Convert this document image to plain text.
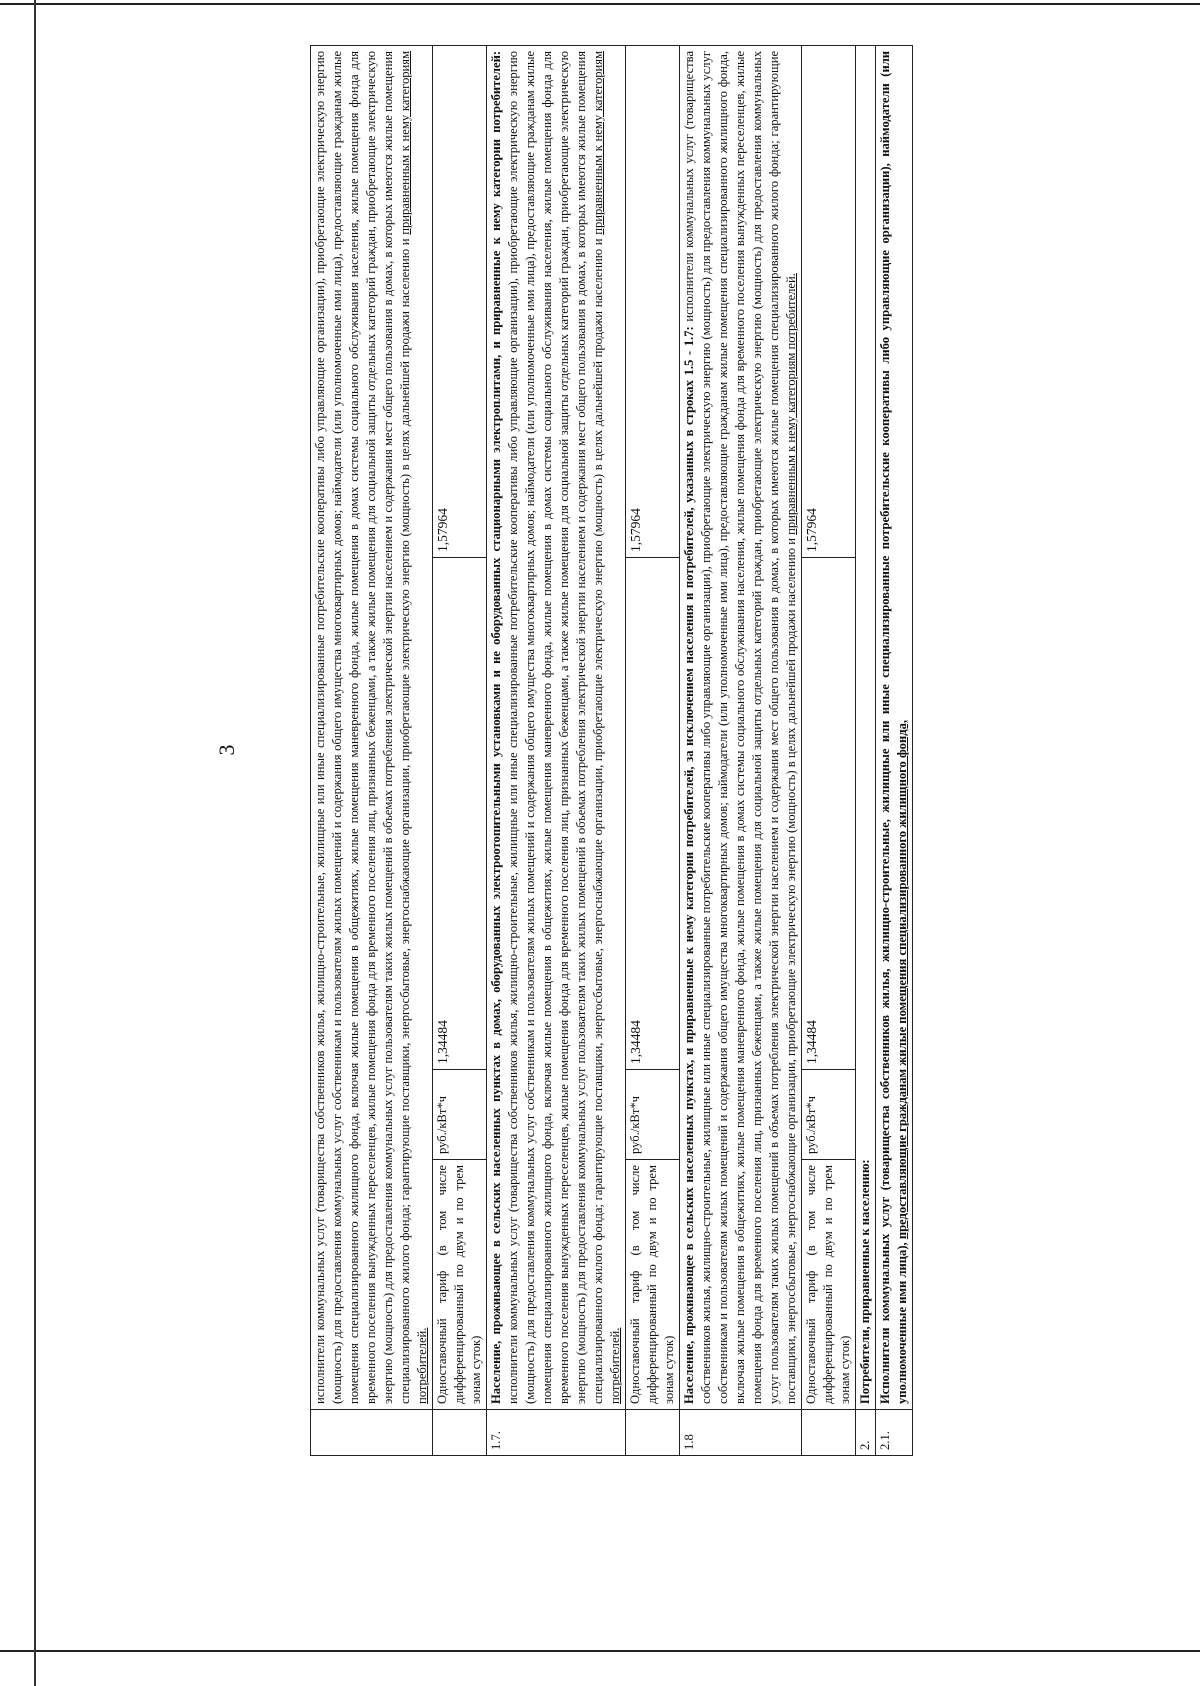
3
		исполнители коммунальных услуг (товарищества собственников жилья, жилищно-строительные, жилищные или иные специализированные потребительские кооперативы либо управляющие организации), приобретающие электрическую энергию (мощность) для предоставления коммунальных услуг собственникам и пользователям жилых помещений и содержания общего имущества многоквартирных домов; наймодатели (или уполномоченные ими лица), предоставляющие гражданам жилые помещения специализированного жилищного фонда, включая жилые помещения в общежитиях, жилые помещения маневренного фонда, жилые помещения в домах системы социального обслуживания населения, жилые помещения фонда для временного поселения вынужденных переселенцев, жилые помещения фонда для временного поселения лиц, признанных беженцами, а также жилые помещения для социальной защиты отдельных категорий граждан, приобретающие электрическую энергию (мощность) для предоставления коммунальных услуг пользователям таких жилых помещений в объемах потребления электрической энергии населением и содержания мест общего пользования в домах, в которых имеются жилые помещения специализированного жилого фонда; гарантирующие поставщики, энергосбытовые, энергоснабжающие организации, приобретающие электрическую энергию (мощность) в целях дальнейшей продажи населению и приравненным к нему категориям потребителей.			
	Одноставочный тариф (в том числе дифференцированный по двум и по трем зонам суток)	руб./кВт*ч	1,34484	1,57964
1.7.	Население, проживающее в сельских населенных пунктах в домах, оборудованных электроотопительными установками и не оборудованных стационарными электроплитами, и приравненные к нему категории потребителей: исполнители коммунальных услуг (товарищества собственников жилья, жилищно-строительные, жилищные или иные специализированные потребительские кооперативы либо управляющие организации), приобретающие электрическую энергию (мощность) для предоставления коммунальных услуг собственникам и пользователям жилых помещений и содержания общего имущества многоквартирных домов; наймодатели (или уполномоченные ими лица), предоставляющие гражданам жилые помещения специализированного жилищного фонда, включая жилые помещения в общежитиях, жилые помещения маневренного фонда, жилые помещения в домах системы социального обслуживания населения, жилые помещения фонда для временного поселения вынужденных переселенцев, жилые помещения фонда для временного поселения лиц, признанных беженцами, а также жилые помещения для социальной защиты отдельных категорий граждан, приобретающие электрическую энергию (мощность) для предоставления коммунальных услуг пользователям таких жилых помещений в объемах потребления электрической энергии населением и содержания мест общего пользования в домах, в которых имеются жилые помещения специализированного жилого фонда; гарантирующие поставщики, энергосбытовые, энергоснабжающие организации, приобретающие электрическую энергию (мощность) в целях дальнейшей продажи населению и приравненным к нему категориям потребителей.			
	Одноставочный тариф (в том числе дифференцированный по двум и по трем зонам суток)	руб./кВт*ч	1,34484	1,57964
1.8	Население, проживающее в сельских населенных пунктах, и приравненные к нему категории потребителей, за исключением населения и потребителей, указанных в строках 1.5 - 1.7: исполнители коммунальных услуг (товарищества собственников жилья, жилищно-строительные, жилищные или иные специализированные потребительские кооперативы либо управляющие организации), приобретающие электрическую энергию (мощность) для предоставления коммунальных услуг собственникам и пользователям жилых помещений и содержания общего имущества многоквартирных домов; наймодатели (или уполномоченные ими лица), предоставляющие гражданам жилые помещения специализированного жилищного фонда, включая жилые помещения в общежитиях, жилые помещения маневренного фонда, жилые помещения в домах системы социального обслуживания населения, жилые помещения фонда для временного поселения вынужденных переселенцев, жилые помещения фонда для временного поселения лиц, признанных беженцами, а также жилые помещения для социальной защиты отдельных категорий граждан, приобретающие электрическую энергию (мощность) для предоставления коммунальных услуг пользователям таких жилых помещений в объемах потребления электрической энергии населением и содержания мест общего пользования в домах, в которых имеются жилые помещения специализированного жилого фонда; гарантирующие поставщики, энергосбытовые, энергоснабжающие организации, приобретающие электрическую энергию (мощность) в целях дальнейшей продажи населению и приравненным к нему категориям потребителей.			
	Одноставочный тариф (в том числе дифференцированный по двум и по трем зонам суток)	руб./кВт*ч	1,34484	1,57964
2.	Потребители, приравненные к населению:			
2.1.	Исполнители коммунальных услуг (товарищества собственников жилья, жилищно-строительные, жилищные или иные специализированные потребительские кооперативы либо управляющие организации), наймодатели (или уполномоченные ими лица), предоставляющие гражданам жилые помещения специализированного жилищного фонда,			
